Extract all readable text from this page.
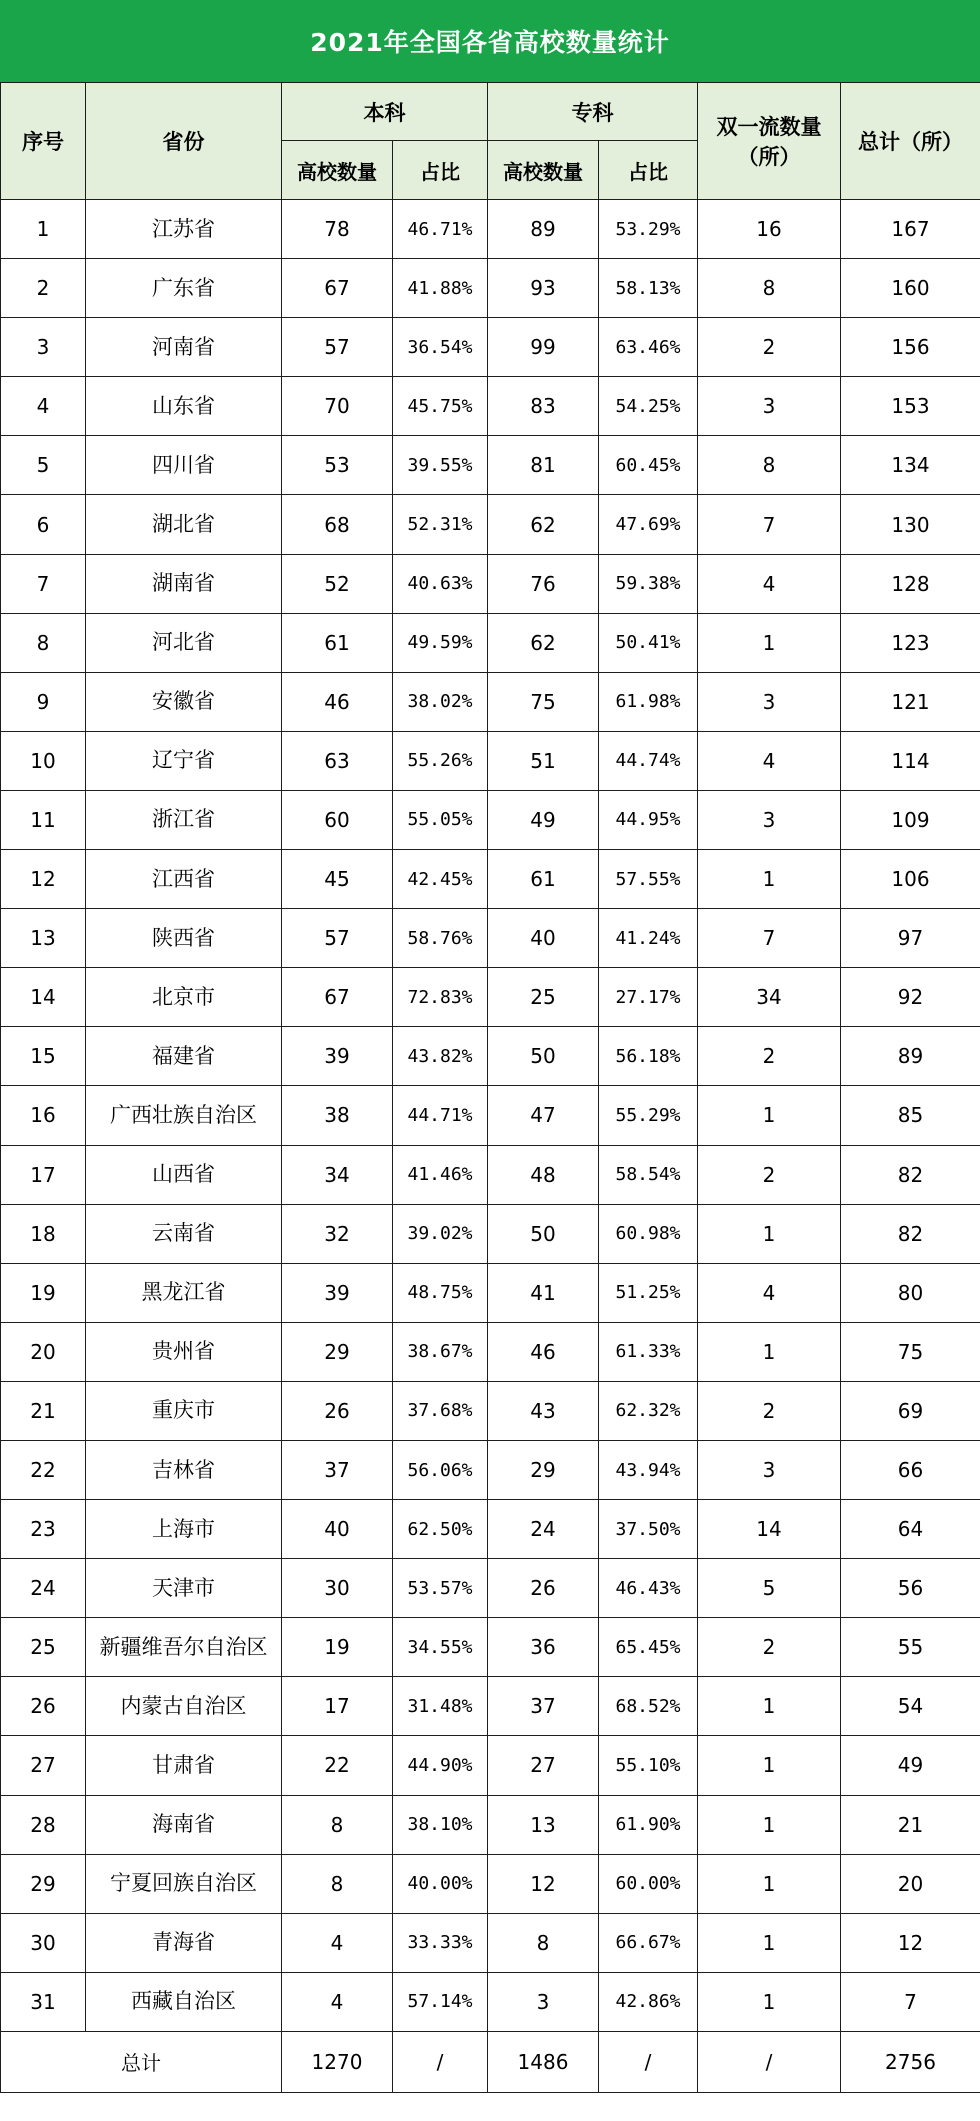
2021年全国各省高校数量统计
序号	省份	本科		专科		双一流数量（所）	总计（所）
		高校数量	占比	高校数量	占比		
1	江苏省	78	46.71%	89	53.29%	16	167
2	广东省	67	41.88%	93	58.13%	8	160
3	河南省	57	36.54%	99	63.46%	2	156
4	山东省	70	45.75%	83	54.25%	3	153
5	四川省	53	39.55%	81	60.45%	8	134
6	湖北省	68	52.31%	62	47.69%	7	130
7	湖南省	52	40.63%	76	59.38%	4	128
8	河北省	61	49.59%	62	50.41%	1	123
9	安徽省	46	38.02%	75	61.98%	3	121
10	辽宁省	63	55.26%	51	44.74%	4	114
11	浙江省	60	55.05%	49	44.95%	3	109
12	江西省	45	42.45%	61	57.55%	1	106
13	陕西省	57	58.76%	40	41.24%	7	97
14	北京市	67	72.83%	25	27.17%	34	92
15	福建省	39	43.82%	50	56.18%	2	89
16	广西壮族自治区	38	44.71%	47	55.29%	1	85
17	山西省	34	41.46%	48	58.54%	2	82
18	云南省	32	39.02%	50	60.98%	1	82
19	黑龙江省	39	48.75%	41	51.25%	4	80
20	贵州省	29	38.67%	46	61.33%	1	75
21	重庆市	26	37.68%	43	62.32%	2	69
22	吉林省	37	56.06%	29	43.94%	3	66
23	上海市	40	62.50%	24	37.50%	14	64
24	天津市	30	53.57%	26	46.43%	5	56
25	新疆维吾尔自治区	19	34.55%	36	65.45%	2	55
26	内蒙古自治区	17	31.48%	37	68.52%	1	54
27	甘肃省	22	44.90%	27	55.10%	1	49
28	海南省	8	38.10%	13	61.90%	1	21
29	宁夏回族自治区	8	40.00%	12	60.00%	1	20
30	青海省	4	33.33%	8	66.67%	1	12
31	西藏自治区	4	57.14%	3	42.86%	1	7
总计		1270	/	1486	/	/	2756
